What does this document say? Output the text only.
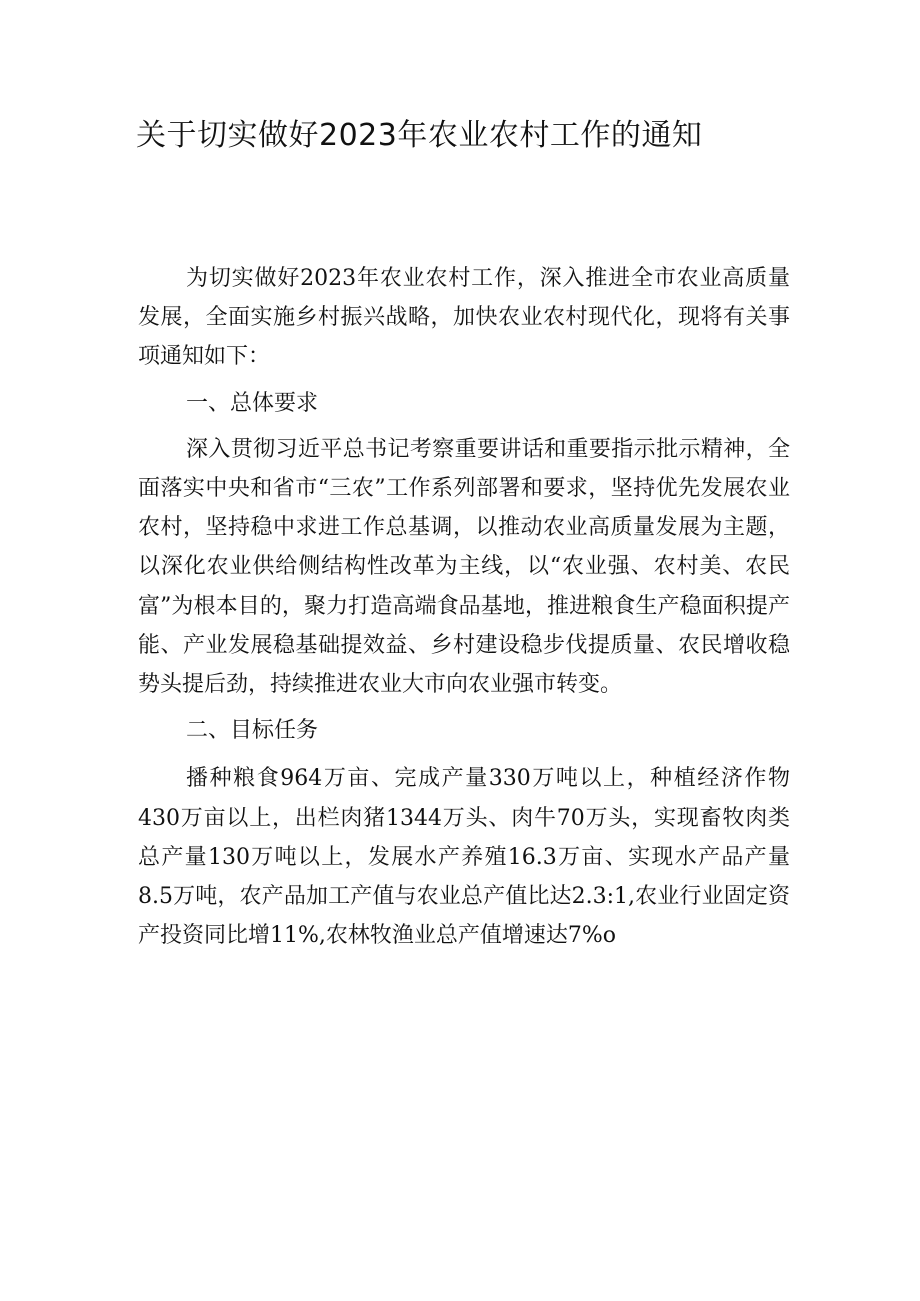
关于切实做好2023年农业农村工作的通知

为切实做好2023年农业农村工作，深入推进全市农业高质量发展，全面实施乡村振兴战略，加快农业农村现代化，现将有关事项通知如下：

一、总体要求

深入贯彻习近平总书记考察重要讲话和重要指示批示精神，全面落实中央和省市“三农”工作系列部署和要求，坚持优先发展农业农村，坚持稳中求进工作总基调，以推动农业高质量发展为主题，以深化农业供给侧结构性改革为主线，以“农业强、农村美、农民富”为根本目的，聚力打造高端食品基地，推进粮食生产稳面积提产能、产业发展稳基础提效益、乡村建设稳步伐提质量、农民增收稳势头提后劲，持续推进农业大市向农业强市转变。

二、目标任务

播种粮食964万亩、完成产量330万吨以上，种植经济作物430万亩以上，出栏肉猪1344万头、肉牛70万头，实现畜牧肉类总产量130万吨以上，发展水产养殖16.3万亩、实现水产品产量8.5万吨，农产品加工产值与农业总产值比达2.3:1,农业行业固定资产投资同比增11%,农林牧渔业总产值增速达7%o
